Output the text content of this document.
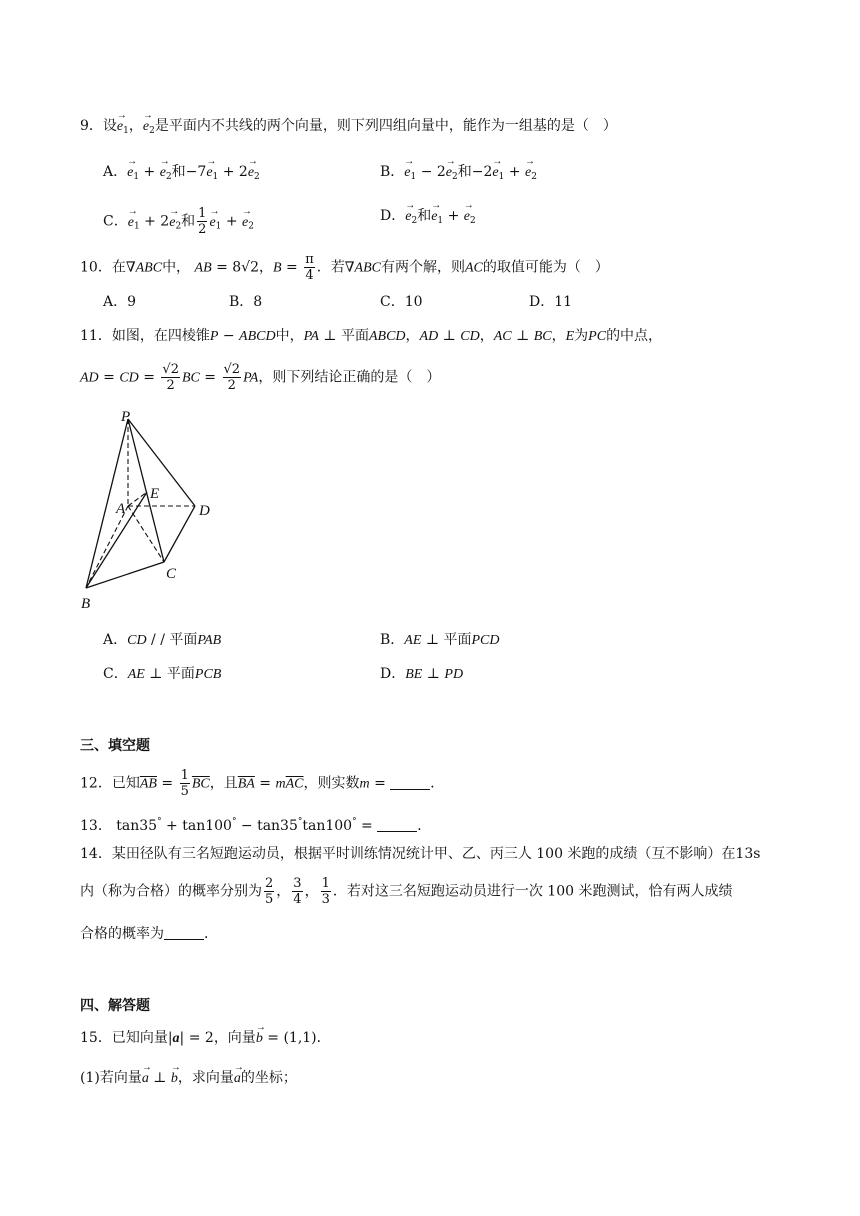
9．设→ $e_1$，→ $e_2$是平面内不共线的两个向量，则下列四组向量中，能作为一组基的是（　）
A．→ $e_1$ + → $e_2$和$-7\to e_1 + 2\to e_2$	B．→ $e_1 - 2\to e_2$和$-2\to e_1$ + → $e_2$
C．→ $e_1 + 2\to e_2$和 $\frac{1}{2} \to e_1$ + → $e_2$
D．→ $e_2$和→ $e_1$ + → $e_2$
10．在∇ABC中， AB = 8√2，$B = \frac{\pi}{4}$ ．若∇ABC有两个解，则AC的取值可能为（　）
A．9	B．8	C．10	D．11
11．如图，在四棱锥P − ABCD中，PA ⊥ 平面ABCD，AD ⊥ CD，AC ⊥ BC，E为PC的中点，
AD = CD = $\frac{√2}{2}$ BC = $\frac{√2}{2}$ PA，则下列结论正确的是（　）
P
E
A	D
C
B
A．CD / / 平面PAB	B．AE ⊥ 平面PCD
C．AE ⊥ 平面PCB	D．BE ⊥ PD
三、填空题
12．已知$\overline{AB} = \frac{1}{5} \overline{BC}$，且$\overline{BA} = m\overline{AC}$，则实数m =	．
13． tan35° + tan100° − tan35°tan100° =	．
14．某田径队有三名短跑运动员，根据平时训练情况统计甲、乙、丙三人 100 米跑的成绩（互不影响）在13s
内（称为合格）的概率分别为 $\frac{2}{5}$ ， $\frac{3}{4}$ ， $\frac{1}{3}$ ．若对这三名短跑运动员进行一次 100 米跑测试，恰有两人成绩
合格的概率为	．
四、解答题
15．已知向量|a| = 2，向量→ b = (1,1)．
(1)若向量→ a ⊥ → b，求向量→ a的坐标；
